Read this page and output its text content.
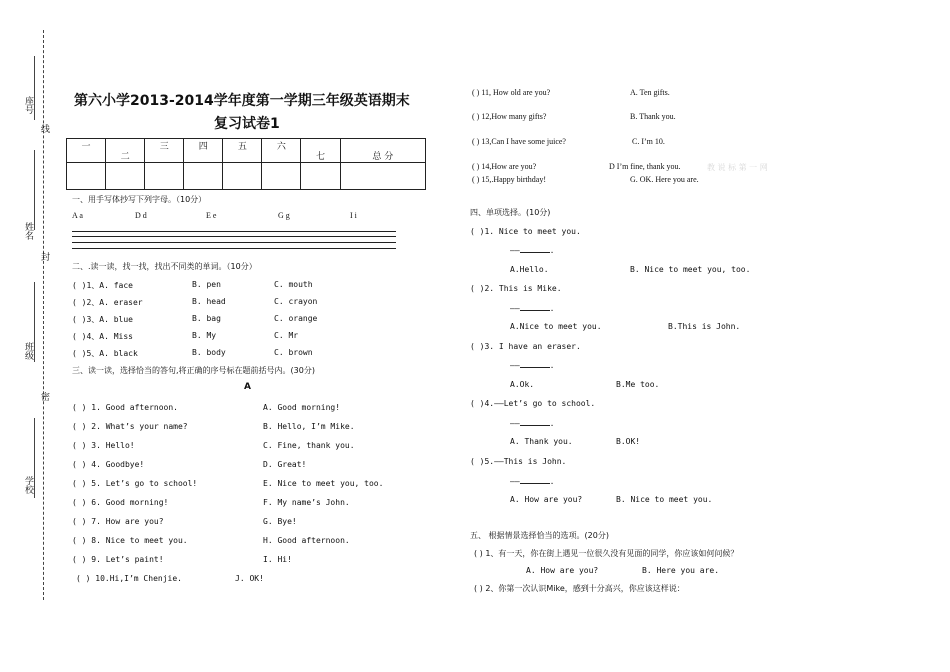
座号
线
姓名
封
班级
密
学校
第六小学2013-2014学年度第一学期三年级英语期末
复习试卷1
一	二	三	四	五	六	七	总 分

一、用手写体抄写下列字母。（10分）
A a	D d	E e	G g	I i
二、.读一读，找一找，找出不同类的单词。（10分）
( )1、A. face	B. pen	C. mouth
( )2、A. eraser	B. head	C. crayon
( )3、A. blue	B. bag	C. orange
( )4、A. Miss	B. My	C. Mr
( )5、A. black	B. body	C. brown
三、读一读，选择恰当的答句,将正确的序号标在题前括号内。(30分)
A
( ) 1. Good afternoon.	A. Good morning!
( ) 2. What’s your name?	B. Hello, I’m Mike.
( ) 3. Hello!	C. Fine, thank you.
( ) 4. Goodbye!	D. Great!
( ) 5. Let’s go to school!	E. Nice to meet you, too.
( ) 6. Good morning!	F. My name’s John.
( ) 7. How are you?	G. Bye!
( ) 8. Nice to meet you.	H. Good afternoon.
( ) 9. Let’s paint!	I. Hi!
( ) 10.Hi,I’m Chenjie.	J. OK!
( ) 11, How old are you?	A. Ten gifts.
( ) 12,How many gifts?	B. Thank you.
( ) 13,Can I have some juice?	C. I’m 10.
( ) 14,How are you?	D I’m fine, thank you.	教 说 标 第 一 网
( ) 15,.Happy birthday!	G. OK. Here you are.
四、单项选择。(10分)
( )1. Nice to meet you.
——	.
A.Hello.	B. Nice to meet you, too.
( )2. This is Mike.
——	.
A.Nice to meet you.	B.This is John.
( )3. I have an eraser.
——	.
A.Ok.	B.Me too.
( )4.——Let’s go to school.
——	.
A. Thank you.	B.OK!
( )5.——This is John.
——	.
A. How are you?	B. Nice to meet you.
五、 根据情景选择恰当的选项。(20分)
( ) 1、有一天，你在街上遇见一位很久没有见面的同学，你应该如何问候？
A. How are you?	B. Here you are.
( ) 2、你第一次认识Mike，感到十分高兴，你应该这样说：
